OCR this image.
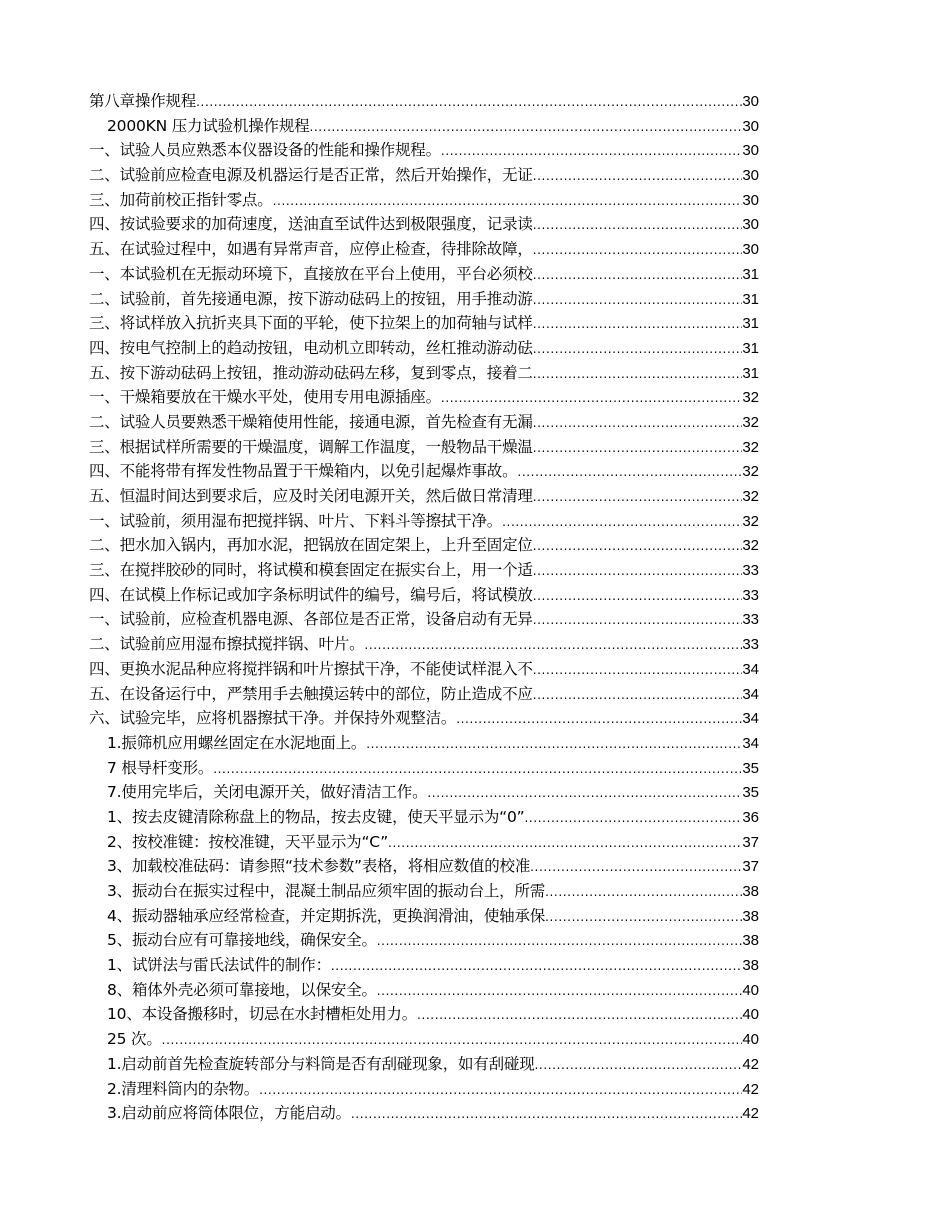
第八章操作规程 .....	30
2000KN 压力试验机操作规程 .....	30
一、试验人员应熟悉本仪器设备的性能和操作规程。 .....	30
二、试验前应检查电源及机器运行是否正常，然后开始操作，无证 .....	30
三、加荷前校正指针零点。 .....	30
四、按试验要求的加荷速度，送油直至试件达到极限强度，记录读 .....	30
五、在试验过程中，如遇有异常声音，应停止检查，待排除故障， .....	30
一、本试验机在无振动环境下，直接放在平台上使用，平台必须校 .....	31
二、试验前，首先接通电源，按下游动砝码上的按钮，用手推动游 .....	31
三、将试样放入抗折夹具下面的平轮，使下拉架上的加荷轴与试样 .....	31
四、按电气控制上的趋动按钮，电动机立即转动，丝杠推动游动砝 .....	31
五、按下游动砝码上按钮，推动游动砝码左移，复到零点，接着二 .....	31
一、干燥箱要放在干燥水平处，使用专用电源插座。 .....	32
二、试验人员要熟悉干燥箱使用性能，接通电源，首先检查有无漏 .....	32
三、根据试样所需要的干燥温度，调解工作温度，一般物品干燥温 .....	32
四、不能将带有挥发性物品置于干燥箱内，以免引起爆炸事故。 .....	32
五、恒温时间达到要求后，应及时关闭电源开关，然后做日常清理 .....	32
一、试验前，须用湿布把搅拌锅、叶片、下料斗等擦拭干净。 .....	32
二、把水加入锅内，再加水泥，把锅放在固定架上，上升至固定位 .....	32
三、在搅拌胶砂的同时，将试模和模套固定在振实台上，用一个适 .....	33
四、在试模上作标记或加字条标明试件的编号，编号后，将试模放 .....	33
一、试验前，应检查机器电源、各部位是否正常，设备启动有无异 .....	33
二、试验前应用湿布擦拭搅拌锅、叶片。 .....	33
四、更换水泥品种应将搅拌锅和叶片擦拭干净，不能使试样混入不 .....	34
五、在设备运行中，严禁用手去触摸运转中的部位，防止造成不应 .....	34
六、试验完毕，应将机器擦拭干净。并保持外观整洁。 .....	34
1.振筛机应用螺丝固定在水泥地面上。 .....	34
7 根导杆变形。 .....	35
7.使用完毕后，关闭电源开关，做好清洁工作。 .....	35
1、按去皮键清除称盘上的物品，按去皮键，使天平显示为“0” .....	36
2、按校准键：按校准键，天平显示为“C” .....	37
3、加载校准砝码：请参照“技术参数”表格，将相应数值的校准 .....	37
3、振动台在振实过程中，混凝土制品应须牢固的振动台上，所需 .....	38
4、振动器轴承应经常检查，并定期拆洗，更换润滑油，使轴承保 .....	38
5、振动台应有可靠接地线，确保安全。 .....	38
1、试饼法与雷氏法试件的制作： .....	38
8、箱体外壳必须可靠接地，以保安全。 .....	40
10、本设备搬移时，切忌在水封槽柜处用力。 .....	40
25 次。 .....	40
1.启动前首先检查旋转部分与料筒是否有刮碰现象，如有刮碰现 .....	42
2.清理料筒内的杂物。 .....	42
3.启动前应将筒体限位，方能启动。 .....	42
